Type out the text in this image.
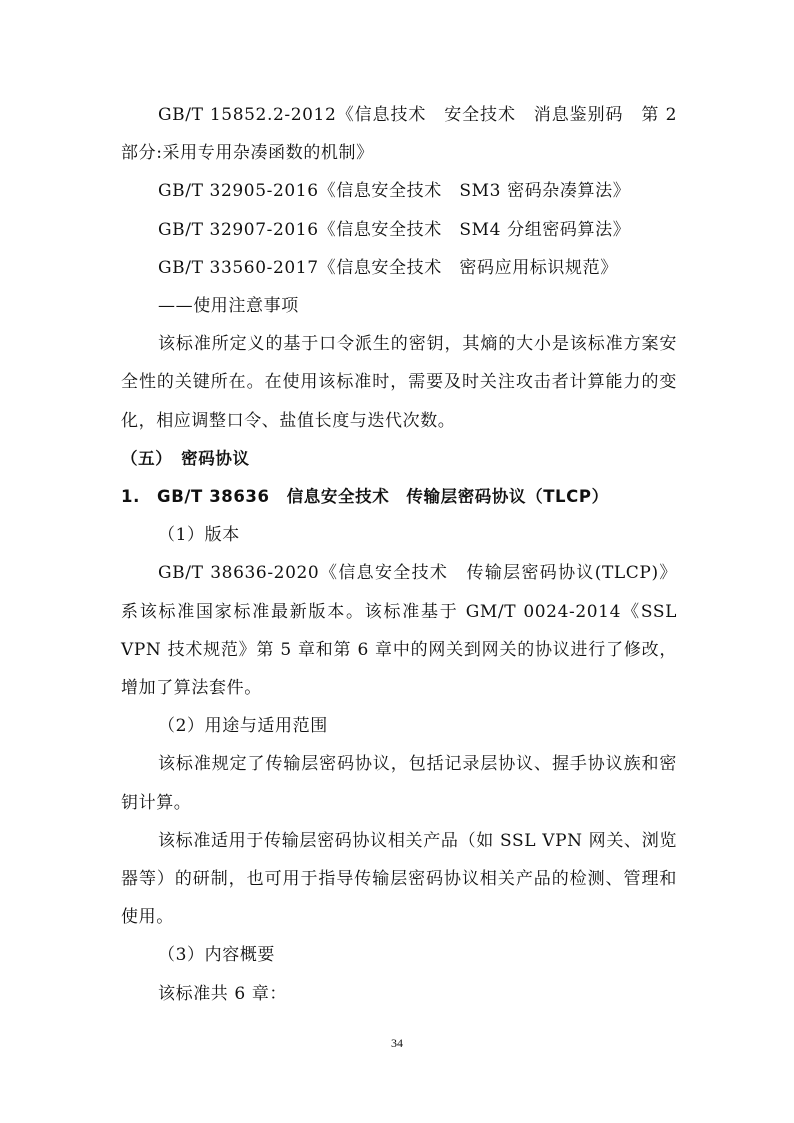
GB/T 15852.2-2012《信息技术　安全技术　消息鉴别码　第 2 部分:采用专用杂凑函数的机制》

GB/T 32905-2016《信息安全技术　SM3 密码杂凑算法》

GB/T 32907-2016《信息安全技术　SM4 分组密码算法》

GB/T 33560-2017《信息安全技术　密码应用标识规范》

——使用注意事项

该标准所定义的基于口令派生的密钥，其熵的大小是该标准方案安全性的关键所在。在使用该标准时，需要及时关注攻击者计算能力的变化，相应调整口令、盐值长度与迭代次数。

（五）　密码协议

1.　GB/T 38636　信息安全技术　传输层密码协议（TLCP）

（1）版本

GB/T 38636-2020《信息安全技术　传输层密码协议(TLCP)》系该标准国家标准最新版本。该标准基于 GM/T 0024-2014《SSL VPN 技术规范》第 5 章和第 6 章中的网关到网关的协议进行了修改，增加了算法套件。

（2）用途与适用范围

该标准规定了传输层密码协议，包括记录层协议、握手协议族和密钥计算。

该标准适用于传输层密码协议相关产品（如 SSL VPN 网关、浏览器等）的研制，也可用于指导传输层密码协议相关产品的检测、管理和使用。

（3）内容概要

该标准共 6 章：

34
